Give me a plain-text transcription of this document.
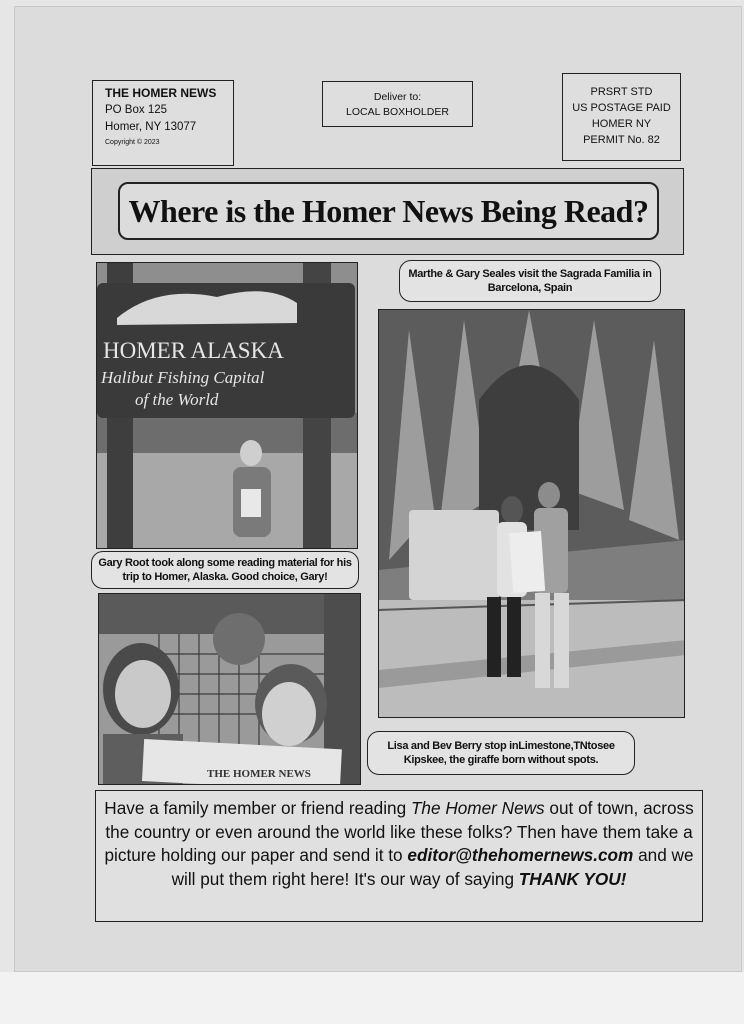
THE HOMER NEWS
PO Box 125
Homer, NY 13077
Copyright © 2023
Deliver to:
LOCAL BOXHOLDER
PRSRT STD
US POSTAGE PAID
HOMER NY
PERMIT No. 82
Where is the Homer News Being Read?
HOMER ALASKA
Halibut Fishing Capital
of the World
Gary Root took along some reading material for his trip to Homer, Alaska. Good choice, Gary!
THE HOMER NEWS
Marthe & Gary Seales visit the Sagrada Familia in Barcelona, Spain
Lisa and Bev Berry stop inLimestone,TNtosee Kipskee, the giraffe born without spots.
Have a family member or friend reading The Homer News out of town, across the country or even around the world like these folks? Then have them take a picture holding our paper and send it to editor@thehomernews.com and we will put them right here! It's our way of saying THANK YOU!
